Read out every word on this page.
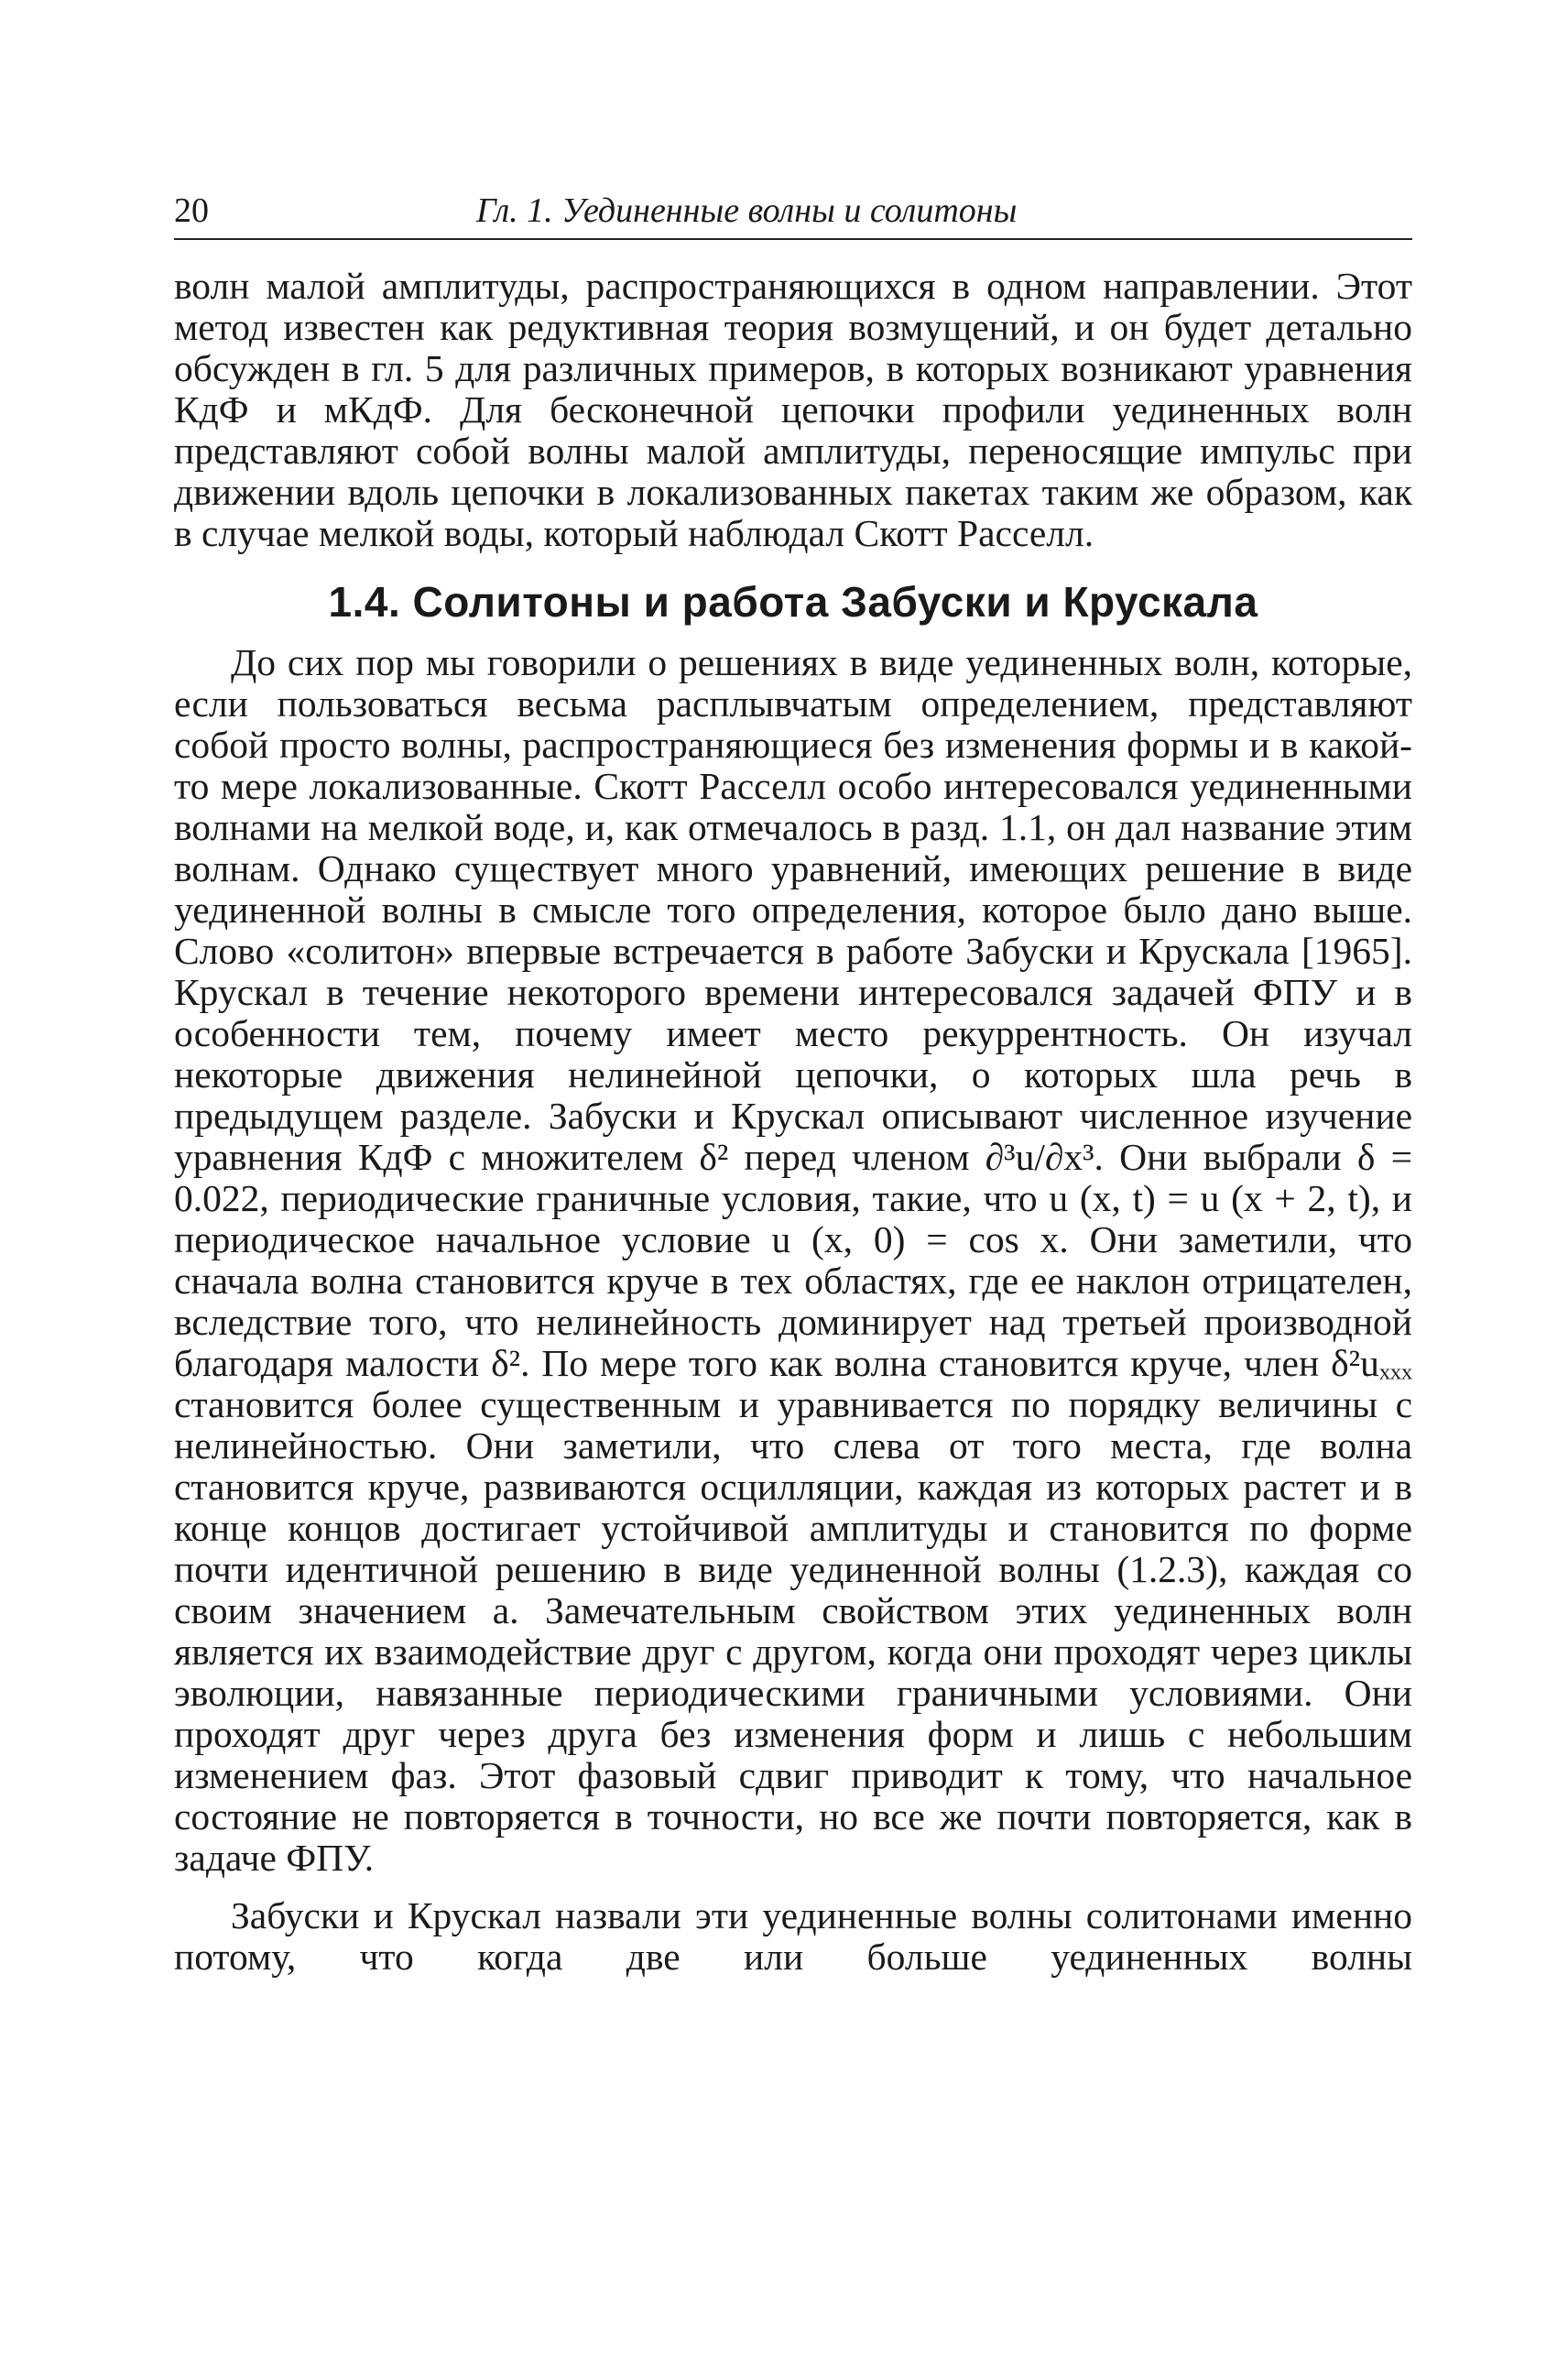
20	Гл. 1. Уединенные волны и солитоны

волн малой амплитуды, распространяющихся в одном направлении. Этот метод известен как редуктивная теория возмущений, и он будет детально обсужден в гл. 5 для различных примеров, в которых возникают уравнения КдФ и мКдФ. Для бесконечной цепочки профили уединенных волн представляют собой волны малой амплитуды, переносящие импульс при движении вдоль цепочки в локализованных пакетах таким же образом, как в случае мелкой воды, который наблюдал Скотт Расселл.

1.4. Солитоны и работа Забуски и Крускала

До сих пор мы говорили о решениях в виде уединенных волн, которые, если пользоваться весьма расплывчатым определением, представляют собой просто волны, распространяющиеся без изменения формы и в какой-то мере локализованные. Скотт Расселл особо интересовался уединенными волнами на мелкой воде, и, как отмечалось в разд. 1.1, он дал название этим волнам. Однако существует много уравнений, имеющих решение в виде уединенной волны в смысле того определения, которое было дано выше. Слово «солитон» впервые встречается в работе Забуски и Крускала [1965]. Крускал в течение некоторого времени интересовался задачей ФПУ и в особенности тем, почему имеет место рекуррентность. Он изучал некоторые движения нелинейной цепочки, о которых шла речь в предыдущем разделе. Забуски и Крускал описывают численное изучение уравнения КдФ с множителем δ² перед членом ∂³u/∂x³. Они выбрали δ = 0.022, периодические граничные условия, такие, что u (x, t) = u (x + 2, t), и периодическое начальное условие u (x, 0) = cos x. Они заметили, что сначала волна становится круче в тех областях, где ее наклон отрицателен, вследствие того, что нелинейность доминирует над третьей производной благодаря малости δ². По мере того как волна становится круче, член δ²uₓₓₓ становится более существенным и уравнивается по порядку величины с нелинейностью. Они заметили, что слева от того места, где волна становится круче, развиваются осцилляции, каждая из которых растет и в конце концов достигает устойчивой амплитуды и становится по форме почти идентичной решению в виде уединенной волны (1.2.3), каждая со своим значением a. Замечательным свойством этих уединенных волн является их взаимодействие друг с другом, когда они проходят через циклы эволюции, навязанные периодическими граничными условиями. Они проходят друг через друга без изменения форм и лишь с небольшим изменением фаз. Этот фазовый сдвиг приводит к тому, что начальное состояние не повторяется в точности, но все же почти повторяется, как в задаче ФПУ.

Забуски и Крускал назвали эти уединенные волны солитонами именно потому, что когда две или больше уединенных волны
